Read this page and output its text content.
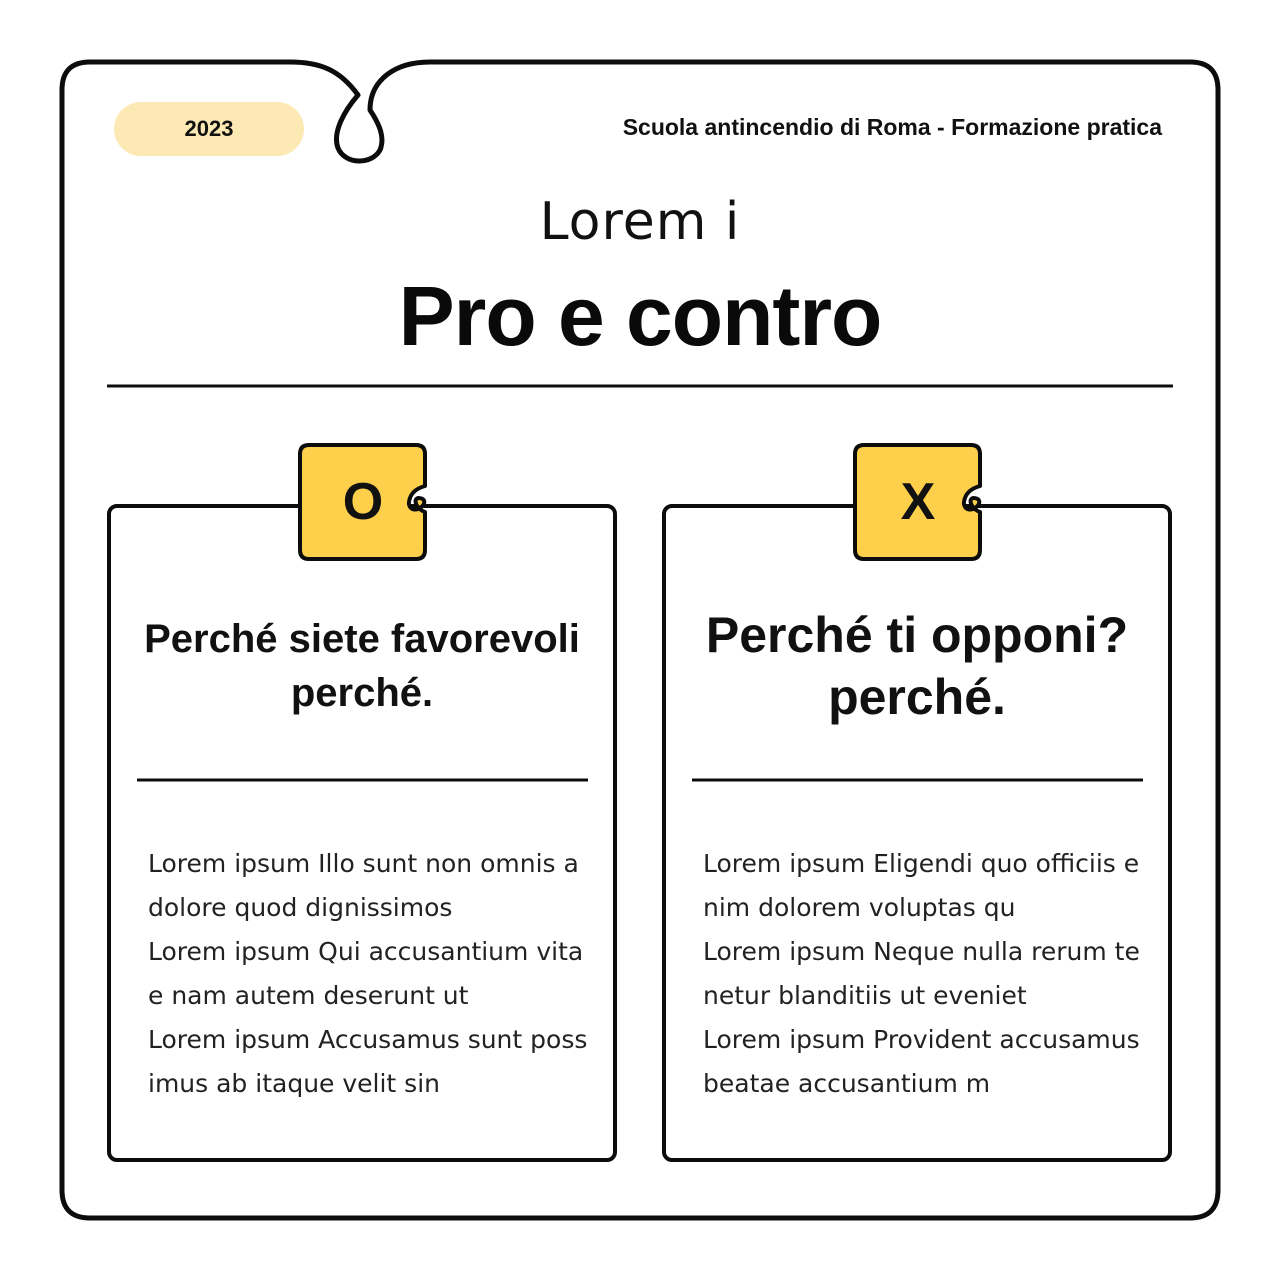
2023	Scuola antincendio di Roma - Formazione pratica
Lorem i
Pro e contro
O	X
Perché siete favorevoli
perché.
Lorem ipsum Illo sunt non omnis a
dolore quod dignissimos
Lorem ipsum Qui accusantium vita
e nam autem deserunt ut
Lorem ipsum Accusamus sunt poss
imus ab itaque velit sin
Perché ti opponi?
perché.
Lorem ipsum Eligendi quo officiis e
nim dolorem voluptas qu
Lorem ipsum Neque nulla rerum te
netur blanditiis ut eveniet
Lorem ipsum Provident accusamus
beatae accusantium m
